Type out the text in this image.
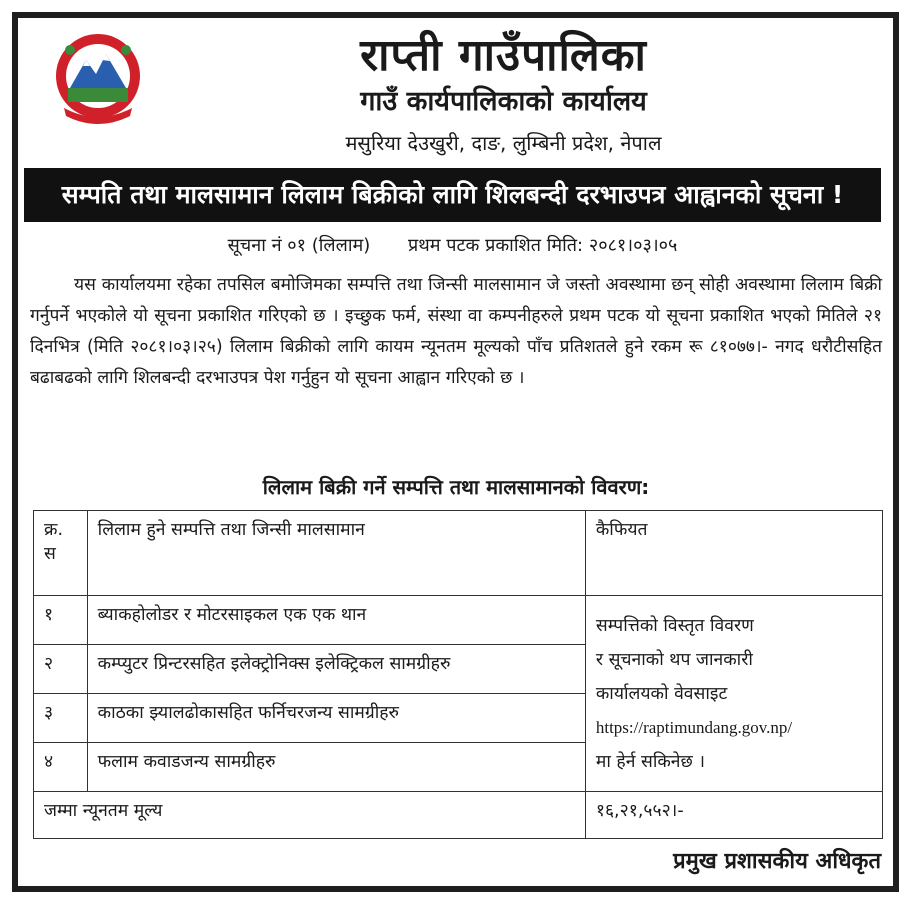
राप्ती गाउँपालिका
गाउँ कार्यपालिकाको कार्यालय
मसुरिया देउखुरी, दाङ, लुम्बिनी प्रदेश, नेपाल
सम्पति तथा मालसामान लिलाम बिक्रीको लागि शिलबन्दी दरभाउपत्र आह्वानको सूचना !
सूचना नं ०१ (लिलाम) प्रथम पटक प्रकाशित मिति: २०८१।०३।०५
यस कार्यालयमा रहेका तपसिल बमोजिमका सम्पत्ति तथा जिन्सी मालसामान जे जस्तो अवस्थामा छन् सोही अवस्थामा लिलाम बिक्री गर्नुपर्ने भएकोले यो सूचना प्रकाशित गरिएको छ । इच्छुक फर्म, संस्था वा कम्पनीहरुले प्रथम पटक यो सूचना प्रकाशित भएको मितिले २१ दिनभित्र (मिति २०८१।०३।२५) लिलाम बिक्रीको लागि कायम न्यूनतम मूल्यको पाँच प्रतिशतले हुने रकम रू ८१०७७।- नगद धरौटीसहित बढाबढको लागि शिलबन्दी दरभाउपत्र पेश गर्नुहुन यो सूचना आह्वान गरिएको छ ।
लिलाम बिक्री गर्ने सम्पत्ति तथा मालसामानको विवरण:
क्र. स	लिलाम हुने सम्पत्ति तथा जिन्सी मालसामान	कैफियत
१	ब्याकहोलोडर र मोटरसाइकल एक एक थान	सम्पत्तिको विस्तृत विवरण
र सूचनाको थप जानकारी
कार्यालयको वेवसाइट
https://raptimundang.gov.np/
मा हेर्न सकिनेछ ।

२	कम्प्युटर प्रिन्टरसहित इलेक्ट्रोनिक्स इलेक्ट्रिकल सामग्रीहरु	
३	काठका झ्यालढोकासहित फर्निचरजन्य सामग्रीहरु	
४	फलाम कवाडजन्य सामग्रीहरु	
जम्मा न्यूनतम मूल्य		१६,२१,५५२।-
प्रमुख प्रशासकीय अधिकृत
